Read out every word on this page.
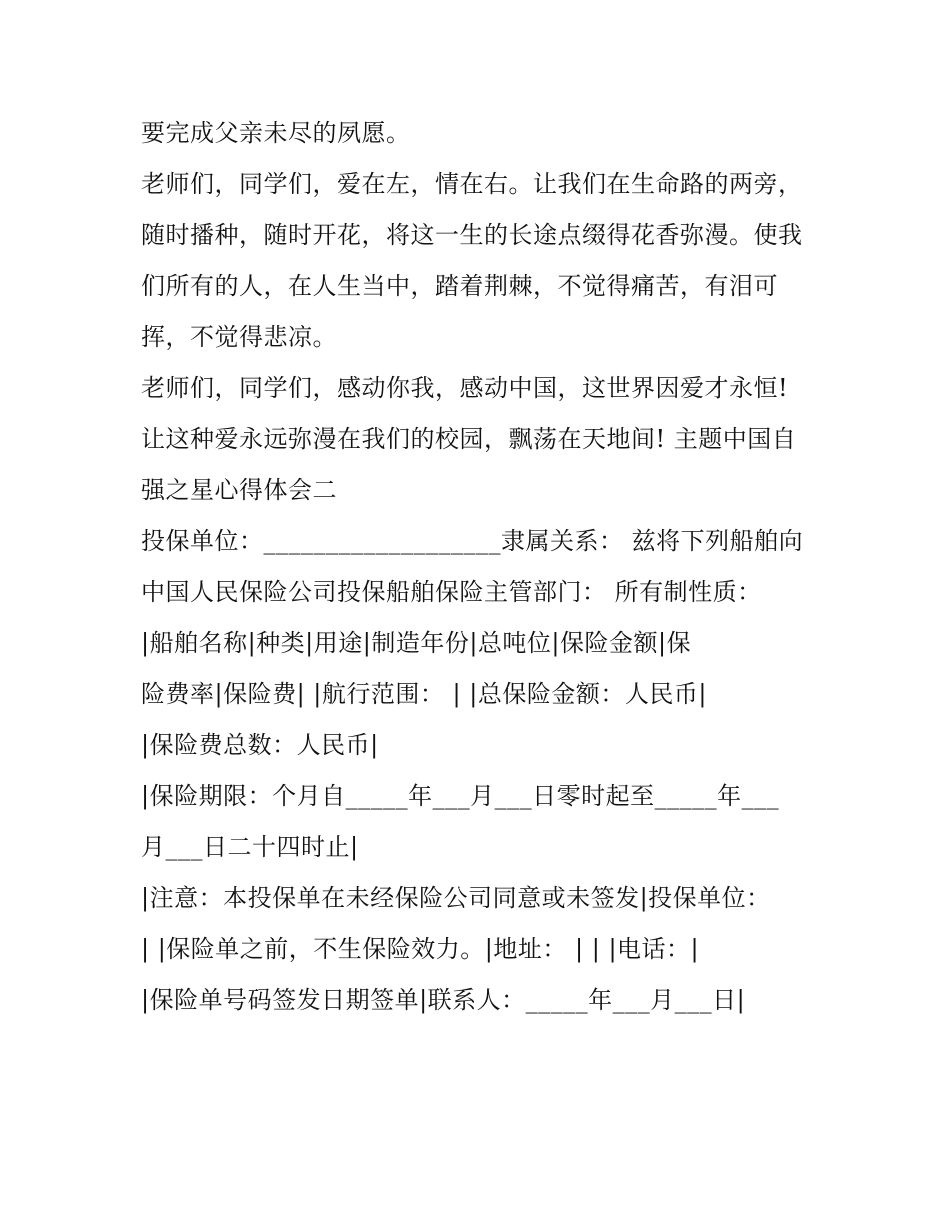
要完成父亲未尽的夙愿。
老师们，同学们，爱在左，情在右。让我们在生命路的两旁，
随时播种，随时开花，将这一生的长途点缀得花香弥漫。使我
们所有的人，在人生当中，踏着荆棘，不觉得痛苦，有泪可
挥，不觉得悲凉。
老师们，同学们，感动你我，感动中国，这世界因爱才永恒!
让这种爱永远弥漫在我们的校园，飘荡在天地间! 主题中国自
强之星心得体会二
投保单位：___________________隶属关系： 兹将下列船舶向
中国人民保险公司投保船舶保险主管部门： 所有制性质：
|船舶名称|种类|用途|制造年份|总吨位|保险金额|保
险费率|保险费| |航行范围： | |总保险金额：人民币|
|保险费总数：人民币|
|保险期限：个月自_____年___月___日零时起至_____年___
月___日二十四时止|
|注意：本投保单在未经保险公司同意或未签发|投保单位：
| |保险单之前，不生保险效力。|地址： | | |电话：|
|保险单号码签发日期签单|联系人：_____年___月___日|
